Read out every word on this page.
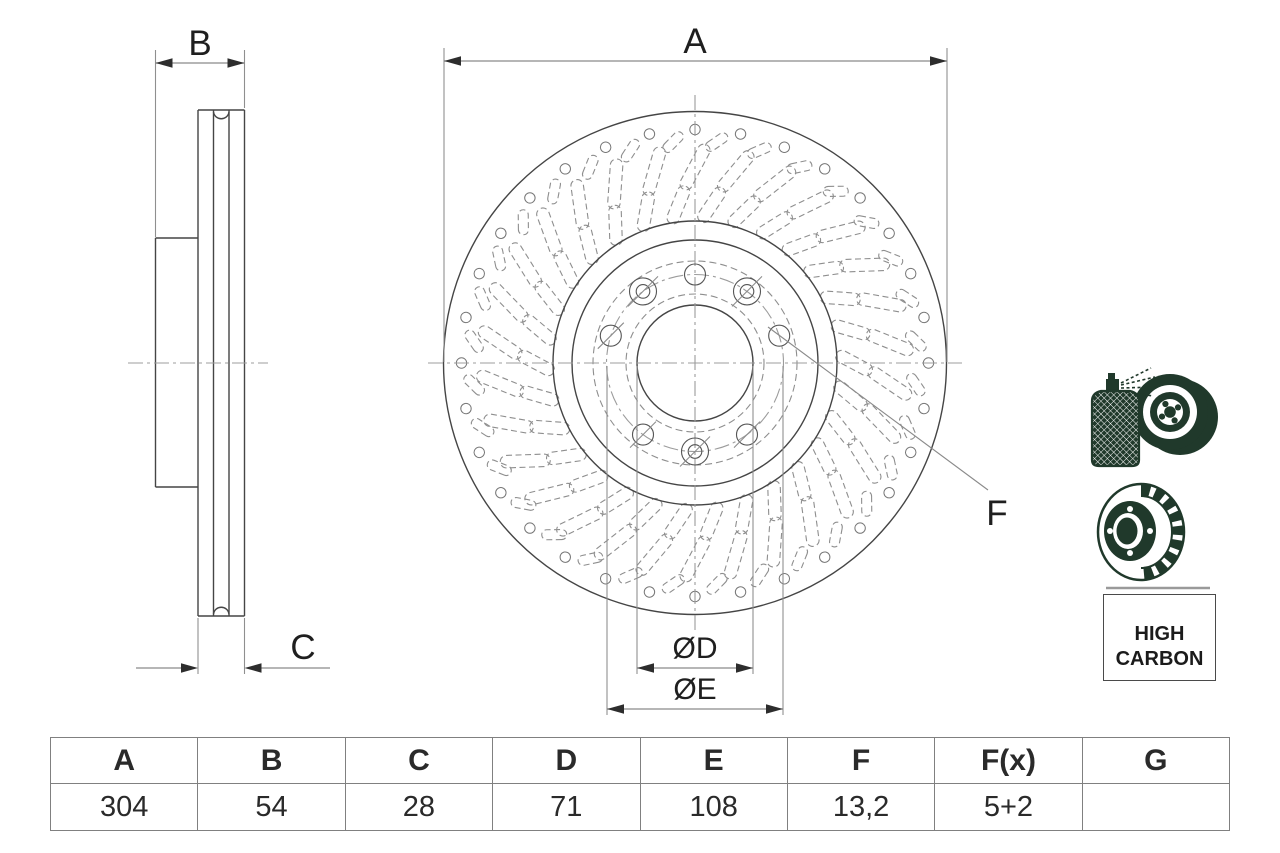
A
ØD
ØE
F
B
C	HIGH
CARBON
A	B	C	D	E	F	F(x)	G
304	54	28	71	108	13,2	5+2	
